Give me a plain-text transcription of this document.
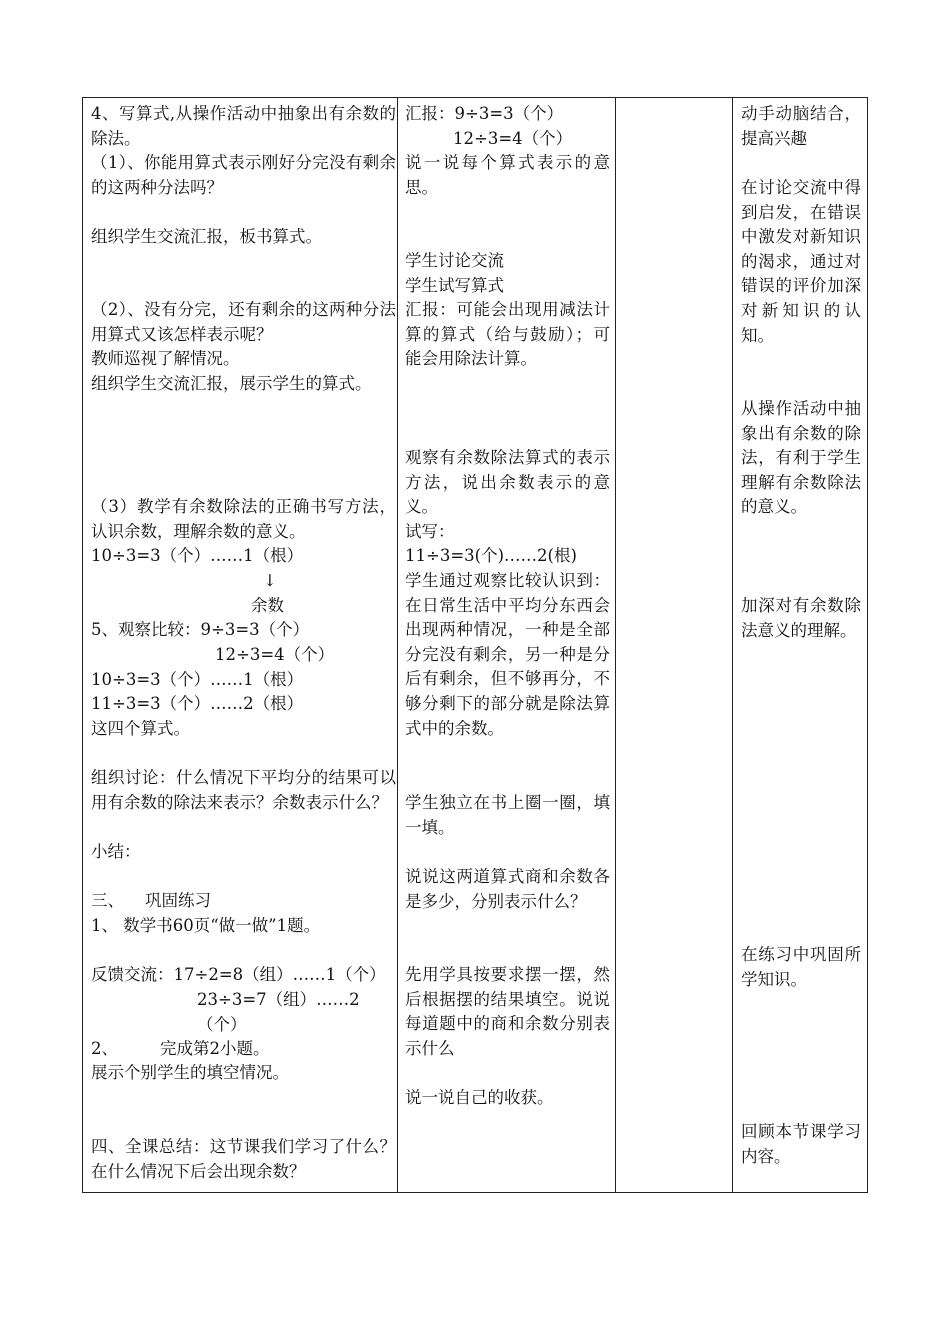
4、写算式,从操作活动中抽象出有余数的除法。
（1）、你能用算式表示刚好分完没有剩余的这两种分法吗？
组织学生交流汇报，板书算式。
（2）、没有分完，还有剩余的这两种分法用算式又该怎样表示呢？
教师巡视了解情况。
组织学生交流汇报，展示学生的算式。
（3）教学有余数除法的正确书写方法，认识余数，理解余数的意义。
10÷3=3（个）……1（根）
↓
余数
5、观察比较：9÷3=3（个）
12÷3=4（个）
10÷3=3（个）……1（根）
11÷3=3（个）……2（根）
这四个算式。
组织讨论：什么情况下平均分的结果可以用有余数的除法来表示？余数表示什么？
小结：
三、    巩固练习
1、 数学书60页“做一做”1题。
反馈交流：17÷2=8（组）……1（个）
23÷3=7（组）……2（个）
2、        完成第2小题。
展示个别学生的填空情况。
四、全课总结：这节课我们学习了什么？在什么情况下后会出现余数？
汇报：9÷3=3（个）
12÷3=4（个）
说一说每个算式表示的意思。
学生讨论交流
学生试写算式
汇报：可能会出现用减法计算的算式（给与鼓励）；可能会用除法计算。
观察有余数除法算式的表示方法，说出余数表示的意义。
试写：
11÷3=3(个)……2(根)
学生通过观察比较认识到：在日常生活中平均分东西会出现两种情况，一种是全部分完没有剩余，另一种是分后有剩余，但不够再分，不够分剩下的部分就是除法算式中的余数。
学生独立在书上圈一圈，填一填。
说说这两道算式商和余数各是多少，分别表示什么？
先用学具按要求摆一摆，然后根据摆的结果填空。说说每道题中的商和余数分别表示什么
说一说自己的收获。
动手动脑结合，提高兴趣
在讨论交流中得到启发，在错误中激发对新知识的渴求，通过对错误的评价加深对新知识的认知。
从操作活动中抽象出有余数的除法，有利于学生理解有余数除法的意义。
加深对有余数除法意义的理解。
在练习中巩固所学知识。
回顾本节课学习内容。
